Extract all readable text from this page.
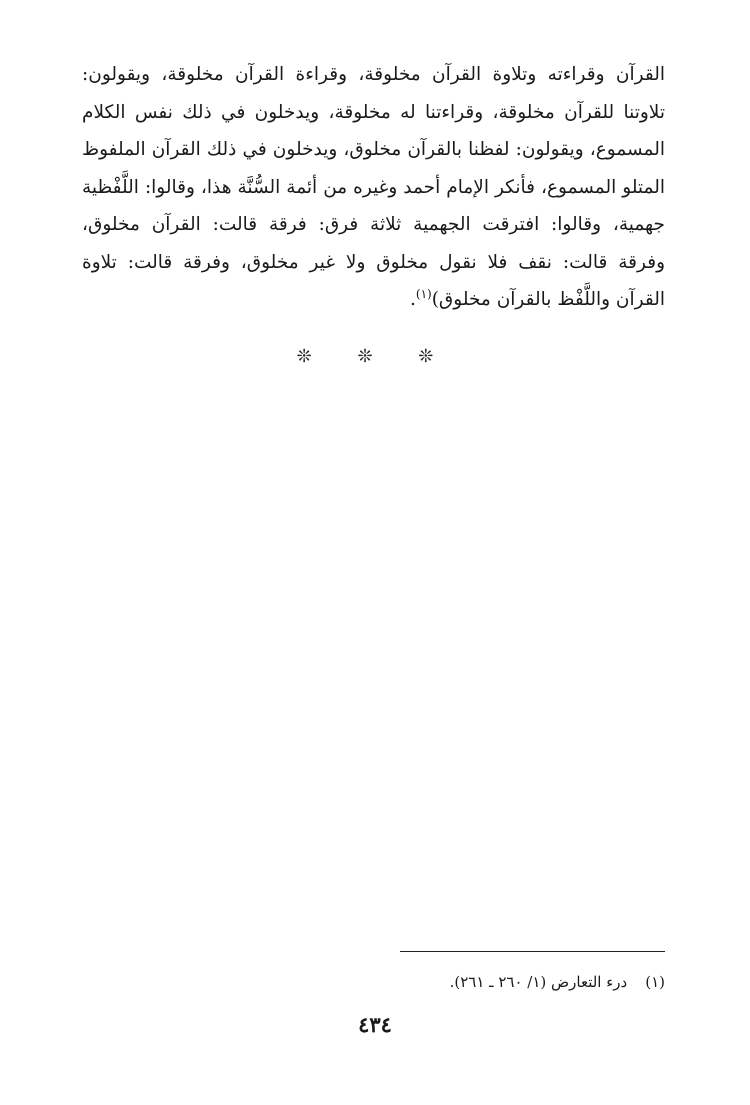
القرآن وقراءته وتلاوة القرآن مخلوقة، وقراءة القرآن مخلوقة، ويقولون:
تلاوتنا للقرآن مخلوقة، وقراءتنا له مخلوقة، ويدخلون في ذلك نفس الكلام
المسموع، ويقولون: لفظنا بالقرآن مخلوق، ويدخلون في ذلك القرآن الملفوظ
المتلو المسموع، فأنكر الإمام أحمد وغيره من أئمة السُّنَّة هذا، وقالوا: اللَّفْظية
جهمية، وقالوا: افترقت الجهمية ثلاثة فرق: فرقة قالت: القرآن مخلوق،
وفرقة قالت: نقف فلا نقول مخلوق ولا غير مخلوق، وفرقة قالت: تلاوة
القرآن واللَّفْظ بالقرآن مخلوق)$^{(١)}$.
❊ ❊ ❊
(١)درء التعارض (١/ ٢٦٠ ـ ٢٦١).
٤٣٤
